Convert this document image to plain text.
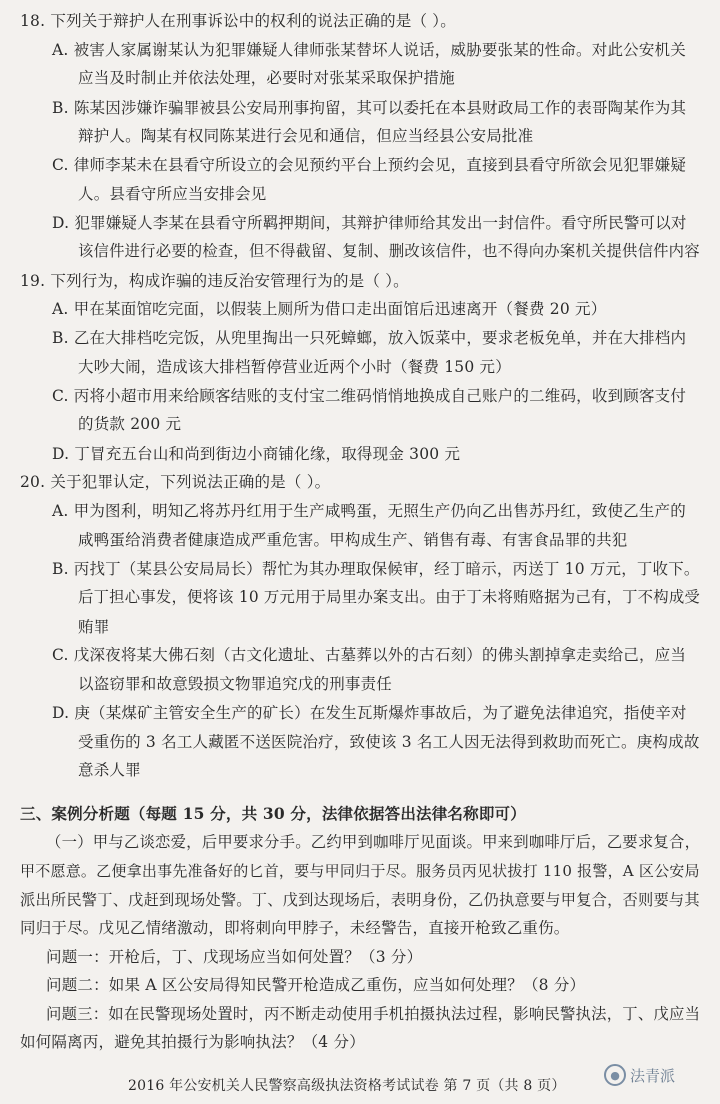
18. 下列关于辩护人在刑事诉讼中的权利的说法正确的是（ ）。
A. 被害人家属谢某认为犯罪嫌疑人律师张某替坏人说话，威胁要张某的性命。对此公安机关
应当及时制止并依法处理，必要时对张某采取保护措施
B. 陈某因涉嫌诈骗罪被县公安局刑事拘留，其可以委托在本县财政局工作的表哥陶某作为其
辩护人。陶某有权同陈某进行会见和通信，但应当经县公安局批准
C. 律师李某未在县看守所设立的会见预约平台上预约会见，直接到县看守所欲会见犯罪嫌疑
人。县看守所应当安排会见
D. 犯罪嫌疑人李某在县看守所羁押期间，其辩护律师给其发出一封信件。看守所民警可以对
该信件进行必要的检查，但不得截留、复制、删改该信件，也不得向办案机关提供信件内容
19. 下列行为，构成诈骗的违反治安管理行为的是（ ）。
A. 甲在某面馆吃完面，以假装上厕所为借口走出面馆后迅速离开（餐费 20 元）
B. 乙在大排档吃完饭，从兜里掏出一只死蟑螂，放入饭菜中，要求老板免单，并在大排档内
大吵大闹，造成该大排档暂停营业近两个小时（餐费 150 元）
C. 丙将小超市用来给顾客结账的支付宝二维码悄悄地换成自己账户的二维码，收到顾客支付
的货款 200 元
D. 丁冒充五台山和尚到街边小商铺化缘，取得现金 300 元
20. 关于犯罪认定，下列说法正确的是（ ）。
A. 甲为图利，明知乙将苏丹红用于生产咸鸭蛋，无照生产仍向乙出售苏丹红，致使乙生产的
咸鸭蛋给消费者健康造成严重危害。甲构成生产、销售有毒、有害食品罪的共犯
B. 丙找丁（某县公安局局长）帮忙为其办理取保候审，经丁暗示，丙送丁 10 万元，丁收下。
后丁担心事发，便将该 10 万元用于局里办案支出。由于丁未将贿赂据为己有，丁不构成受
贿罪
C. 戊深夜将某大佛石刻（古文化遗址、古墓葬以外的古石刻）的佛头割掉拿走卖给己，应当
以盗窃罪和故意毁损文物罪追究戊的刑事责任
D. 庚（某煤矿主管安全生产的矿长）在发生瓦斯爆炸事故后，为了避免法律追究，指使辛对
受重伤的 3 名工人藏匿不送医院治疗，致使该 3 名工人因无法得到救助而死亡。庚构成故
意杀人罪
三、案例分析题（每题 15 分，共 30 分，法律依据答出法律名称即可）
（一）甲与乙谈恋爱，后甲要求分手。乙约甲到咖啡厅见面谈。甲来到咖啡厅后，乙要求复合，
甲不愿意。乙便拿出事先准备好的匕首，要与甲同归于尽。服务员丙见状拔打 110 报警，A 区公安局
派出所民警丁、戊赶到现场处警。丁、戊到达现场后，表明身份，乙仍执意要与甲复合，否则要与其
同归于尽。戊见乙情绪激动，即将刺向甲脖子，未经警告，直接开枪致乙重伤。
问题一：开枪后，丁、戊现场应当如何处置？（3 分）
问题二：如果 A 区公安局得知民警开枪造成乙重伤，应当如何处理？（8 分）
问题三：如在民警现场处置时，丙不断走动使用手机拍摄执法过程，影响民警执法，丁、戊应当
如何隔离丙，避免其拍摄行为影响执法？（4 分）
2016 年公安机关人民警察高级执法资格考试试卷 第 7 页（共 8 页）
● 法青派
